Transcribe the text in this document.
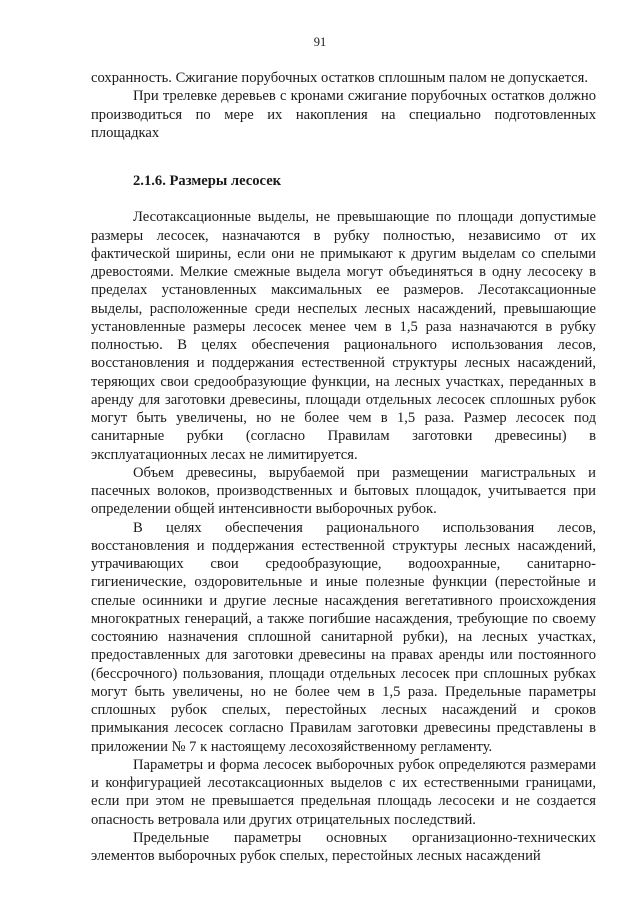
91

сохранность. Сжигание порубочных остатков сплошным палом не допускается.

При трелевке деревьев с кронами сжигание порубочных остатков должно производиться по мере их накопления на специально подготовленных площадках

2.1.6. Размеры лесосек

Лесотаксационные выделы, не превышающие по площади допустимые размеры лесосек, назначаются в рубку полностью, независимо от их фактической ширины, если они не примыкают к другим выделам со спелыми древостоями. Мелкие смежные выдела могут объединяться в одну лесосеку в пределах установленных максимальных ее размеров. Лесотаксационные выделы, расположенные среди неспелых лесных насаждений, превышающие установленные размеры лесосек менее чем в 1,5 раза назначаются в рубку полностью. В целях обеспечения рационального использования лесов, восстановления и поддержания естественной структуры лесных насаждений, теряющих свои средообразующие функции, на лесных участках, переданных в аренду для заготовки древесины, площади отдельных лесосек сплошных рубок могут быть увеличены, но не более чем в 1,5 раза. Размер лесосек под санитарные рубки (согласно Правилам заготовки древесины) в эксплуатационных лесах не лимитируется.

Объем древесины, вырубаемой при размещении магистральных и пасечных волоков, производственных и бытовых площадок, учитывается при определении общей интенсивности выборочных рубок.

В целях обеспечения рационального использования лесов, восстановления и поддержания естественной структуры лесных насаждений, утрачивающих свои средообразующие, водоохранные, санитарно-гигиенические, оздоровительные и иные полезные функции (перестойные и спелые осинники и другие лесные насаждения вегетативного происхождения многократных генераций, а также погибшие насаждения, требующие по своему состоянию назначения сплошной санитарной рубки), на лесных участках, предоставленных для заготовки древесины на правах аренды или постоянного (бессрочного) пользования, площади отдельных лесосек при сплошных рубках могут быть увеличены, но не более чем в 1,5 раза. Предельные параметры сплошных рубок спелых, перестойных лесных насаждений и сроков примыкания лесосек согласно Правилам заготовки древесины представлены в приложении № 7 к настоящему лесохозяйственному регламенту.

Параметры и форма лесосек выборочных рубок определяются размерами и конфигурацией лесотаксационных выделов с их естественными границами, если при этом не превышается предельная площадь лесосеки и не создается опасность ветровала или других отрицательных последствий.

Предельные параметры основных организационно-технических элементов выборочных рубок спелых, перестойных лесных насаждений
